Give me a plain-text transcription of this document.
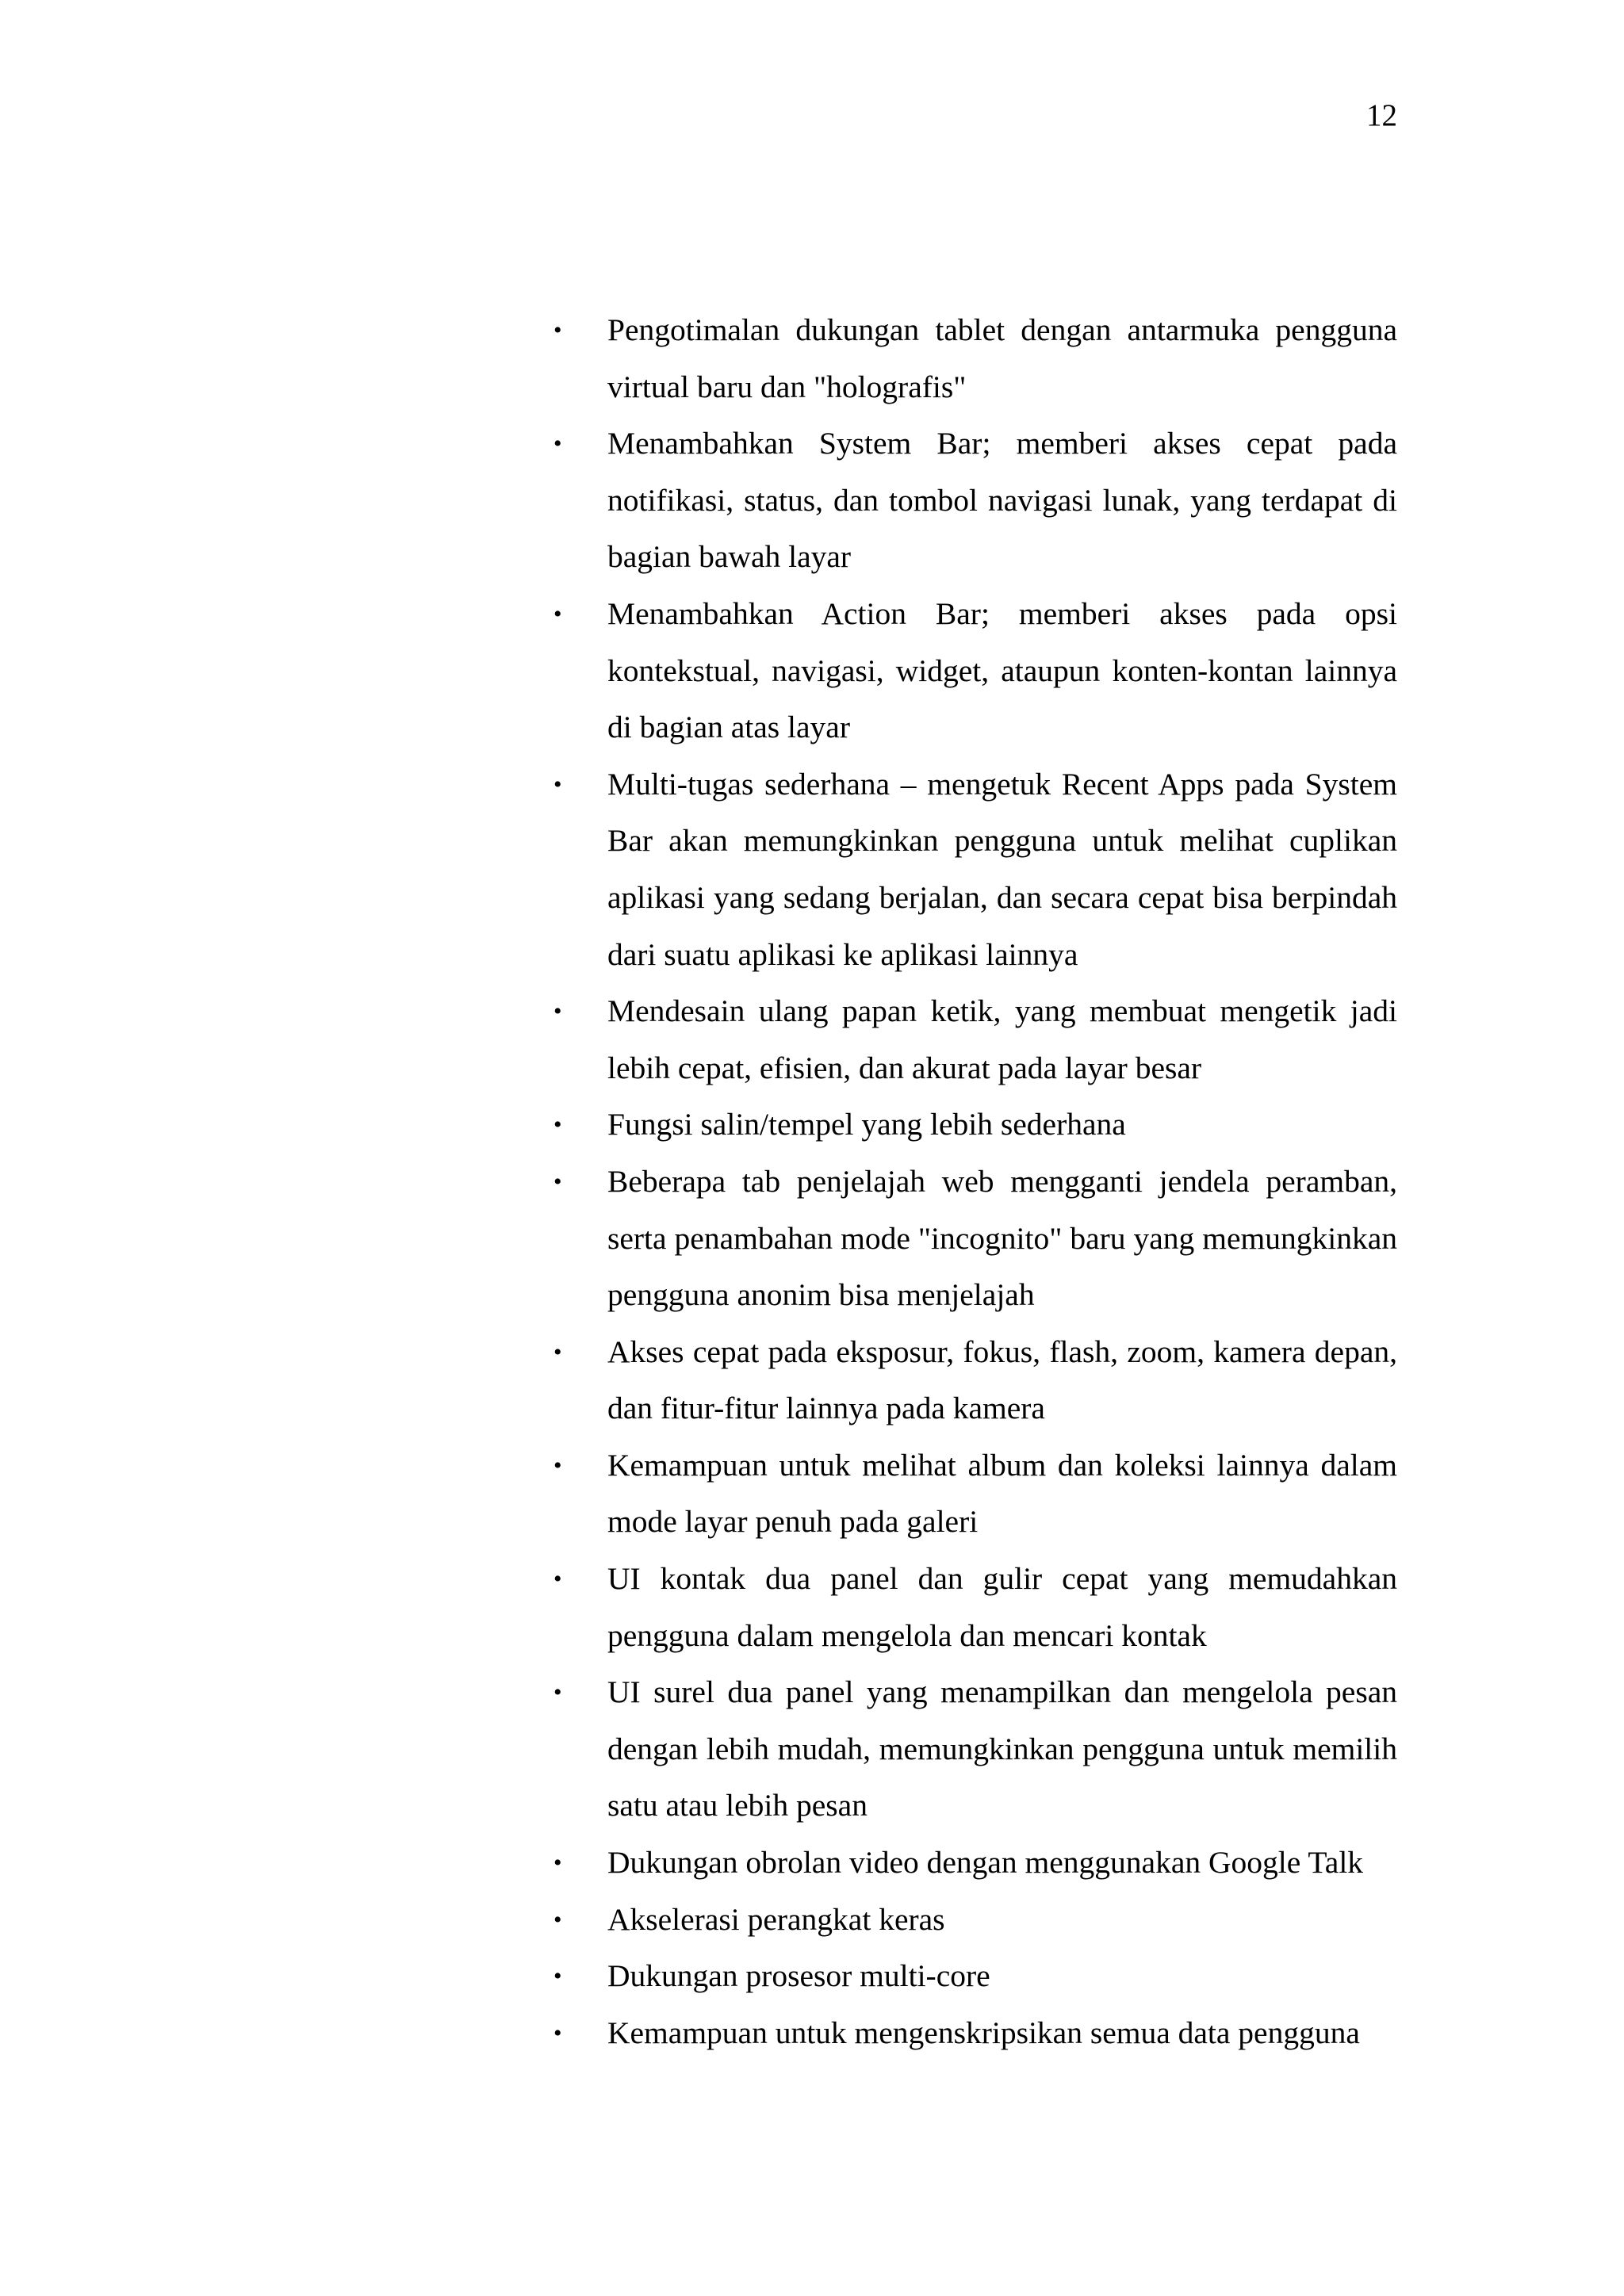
12
• Pengotimalan dukungan tablet dengan antarmuka pengguna virtual baru dan "holografis"
• Menambahkan System Bar; memberi akses cepat pada notifikasi, status, dan tombol navigasi lunak, yang terdapat di bagian bawah layar
• Menambahkan Action Bar; memberi akses pada opsi kontekstual, navigasi, widget, ataupun konten-kontan lainnya di bagian atas layar
• Multi-tugas sederhana – mengetuk Recent Apps pada System Bar akan memungkinkan pengguna untuk melihat cuplikan aplikasi yang sedang berjalan, dan secara cepat bisa berpindah dari suatu aplikasi ke aplikasi lainnya
• Mendesain ulang papan ketik, yang membuat mengetik jadi lebih cepat, efisien, dan akurat pada layar besar
• Fungsi salin/tempel yang lebih sederhana
• Beberapa tab penjelajah web mengganti jendela peramban, serta penambahan mode "incognito" baru yang memungkinkan pengguna anonim bisa menjelajah
• Akses cepat pada eksposur, fokus, flash, zoom, kamera depan, dan fitur-fitur lainnya pada kamera
• Kemampuan untuk melihat album dan koleksi lainnya dalam mode layar penuh pada galeri
• UI kontak dua panel dan gulir cepat yang memudahkan pengguna dalam mengelola dan mencari kontak
• UI surel dua panel yang menampilkan dan mengelola pesan dengan lebih mudah, memungkinkan pengguna untuk memilih satu atau lebih pesan
• Dukungan obrolan video dengan menggunakan Google Talk
• Akselerasi perangkat keras
• Dukungan prosesor multi-core
• Kemampuan untuk mengenskripsikan semua data pengguna
